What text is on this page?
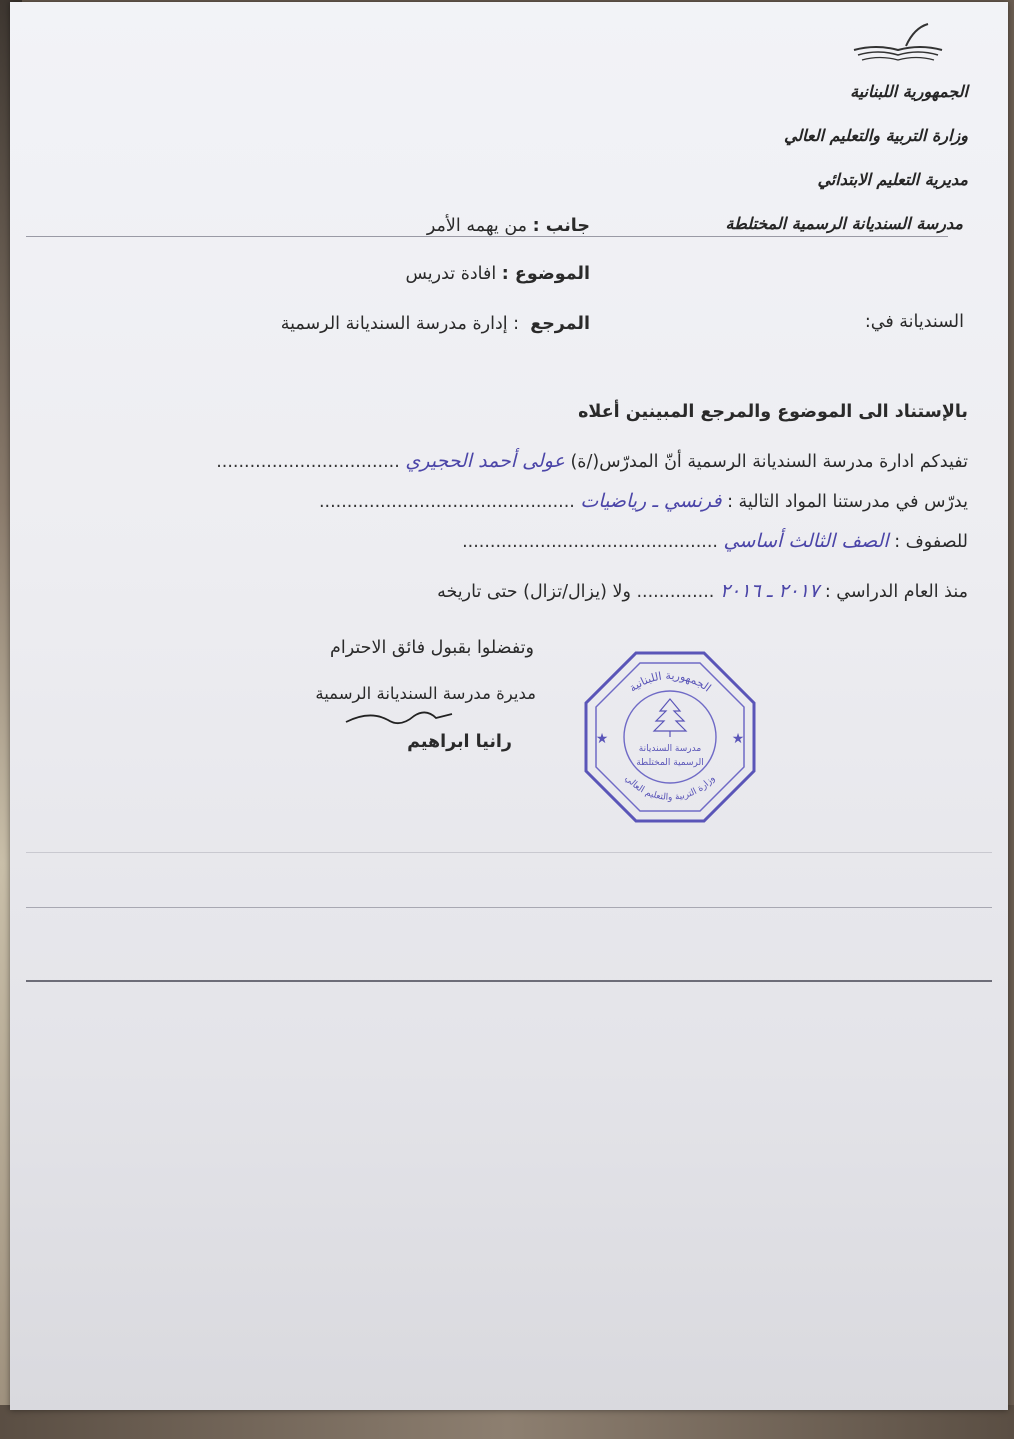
الجمهورية اللبنانية
وزارة التربية والتعليم العالي
مديرية التعليم الابتدائي
مدرسة السنديانة الرسمية المختلطة
جانب : من يهمه الأمر
الموضوع : افادة تدريس
المرجع  : إدارة مدرسة السنديانة الرسمية	السنديانة في:
بالإستناد الى الموضوع والمرجع المبينين أعلاه
تفيدكم ادارة مدرسة السنديانة الرسمية أنّ المدرّس(/ة) عولى أحمد الحجيري .................................
يدرّس في مدرستنا المواد التالية : فرنسي ـ رياضيات ..............................................
للصفوف : الصف الثالث أساسي ..............................................
منذ العام الدراسي : ٢٠١٧ ـ ٢٠١٦ .............. ولا (يزال/تزال) حتى تاريخه
وتفضلوا بقبول فائق الاحترام
مديرة مدرسة السنديانة الرسمية
رانيا ابراهيم
الجمهورية اللبنانية
وزارة التربية والتعليم العالي
مدرسة السنديانة
الرسمية المختلطة
★	★
